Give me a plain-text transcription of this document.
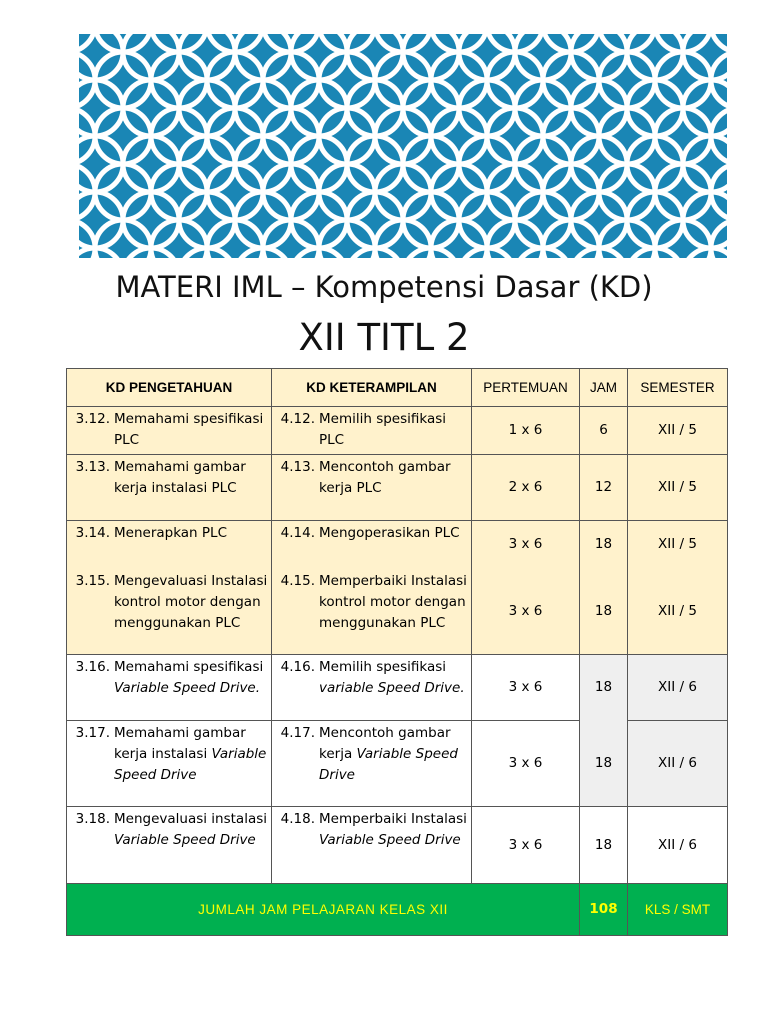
MATERI IML – Kompetensi Dasar (KD)
XII TITL 2
KD PENGETAHUAN	KD KETERAMPILAN	PERTEMUAN	JAM	SEMESTER

3.12. Memahami spesifikasi PLC	4.12. Memilih spesifikasi PLC	1 x 6	6	XII / 5

3.13. Memahami gambar kerja instalasi PLC	4.13. Mencontoh gambar kerja PLC	2 x 6	12	XII / 5

3.14. Menerapkan PLC	4.14. Mengoperasikan PLC	3 x 6	18	XII / 5

3.15. Mengevaluasi Instalasi kontrol motor dengan menggunakan PLC	4.15. Memperbaiki Instalasi kontrol motor dengan menggunakan PLC	3 x 6	18	XII / 5

3.16. Memahami spesifikasi Variable Speed Drive.	4.16. Memilih spesifikasi variable Speed Drive.	3 x 6	18	XII / 6

3.17. Memahami gambar kerja instalasi Variable Speed Drive	4.17. Mencontoh gambar kerja Variable Speed Drive	3 x 6	18	XII / 6

3.18. Mengevaluasi instalasi Variable Speed Drive	4.18. Memperbaiki Instalasi Variable Speed Drive	3 x 6	18	XII / 6
JUMLAH JAM PELAJARAN KELAS XII			108	KLS / SMT
